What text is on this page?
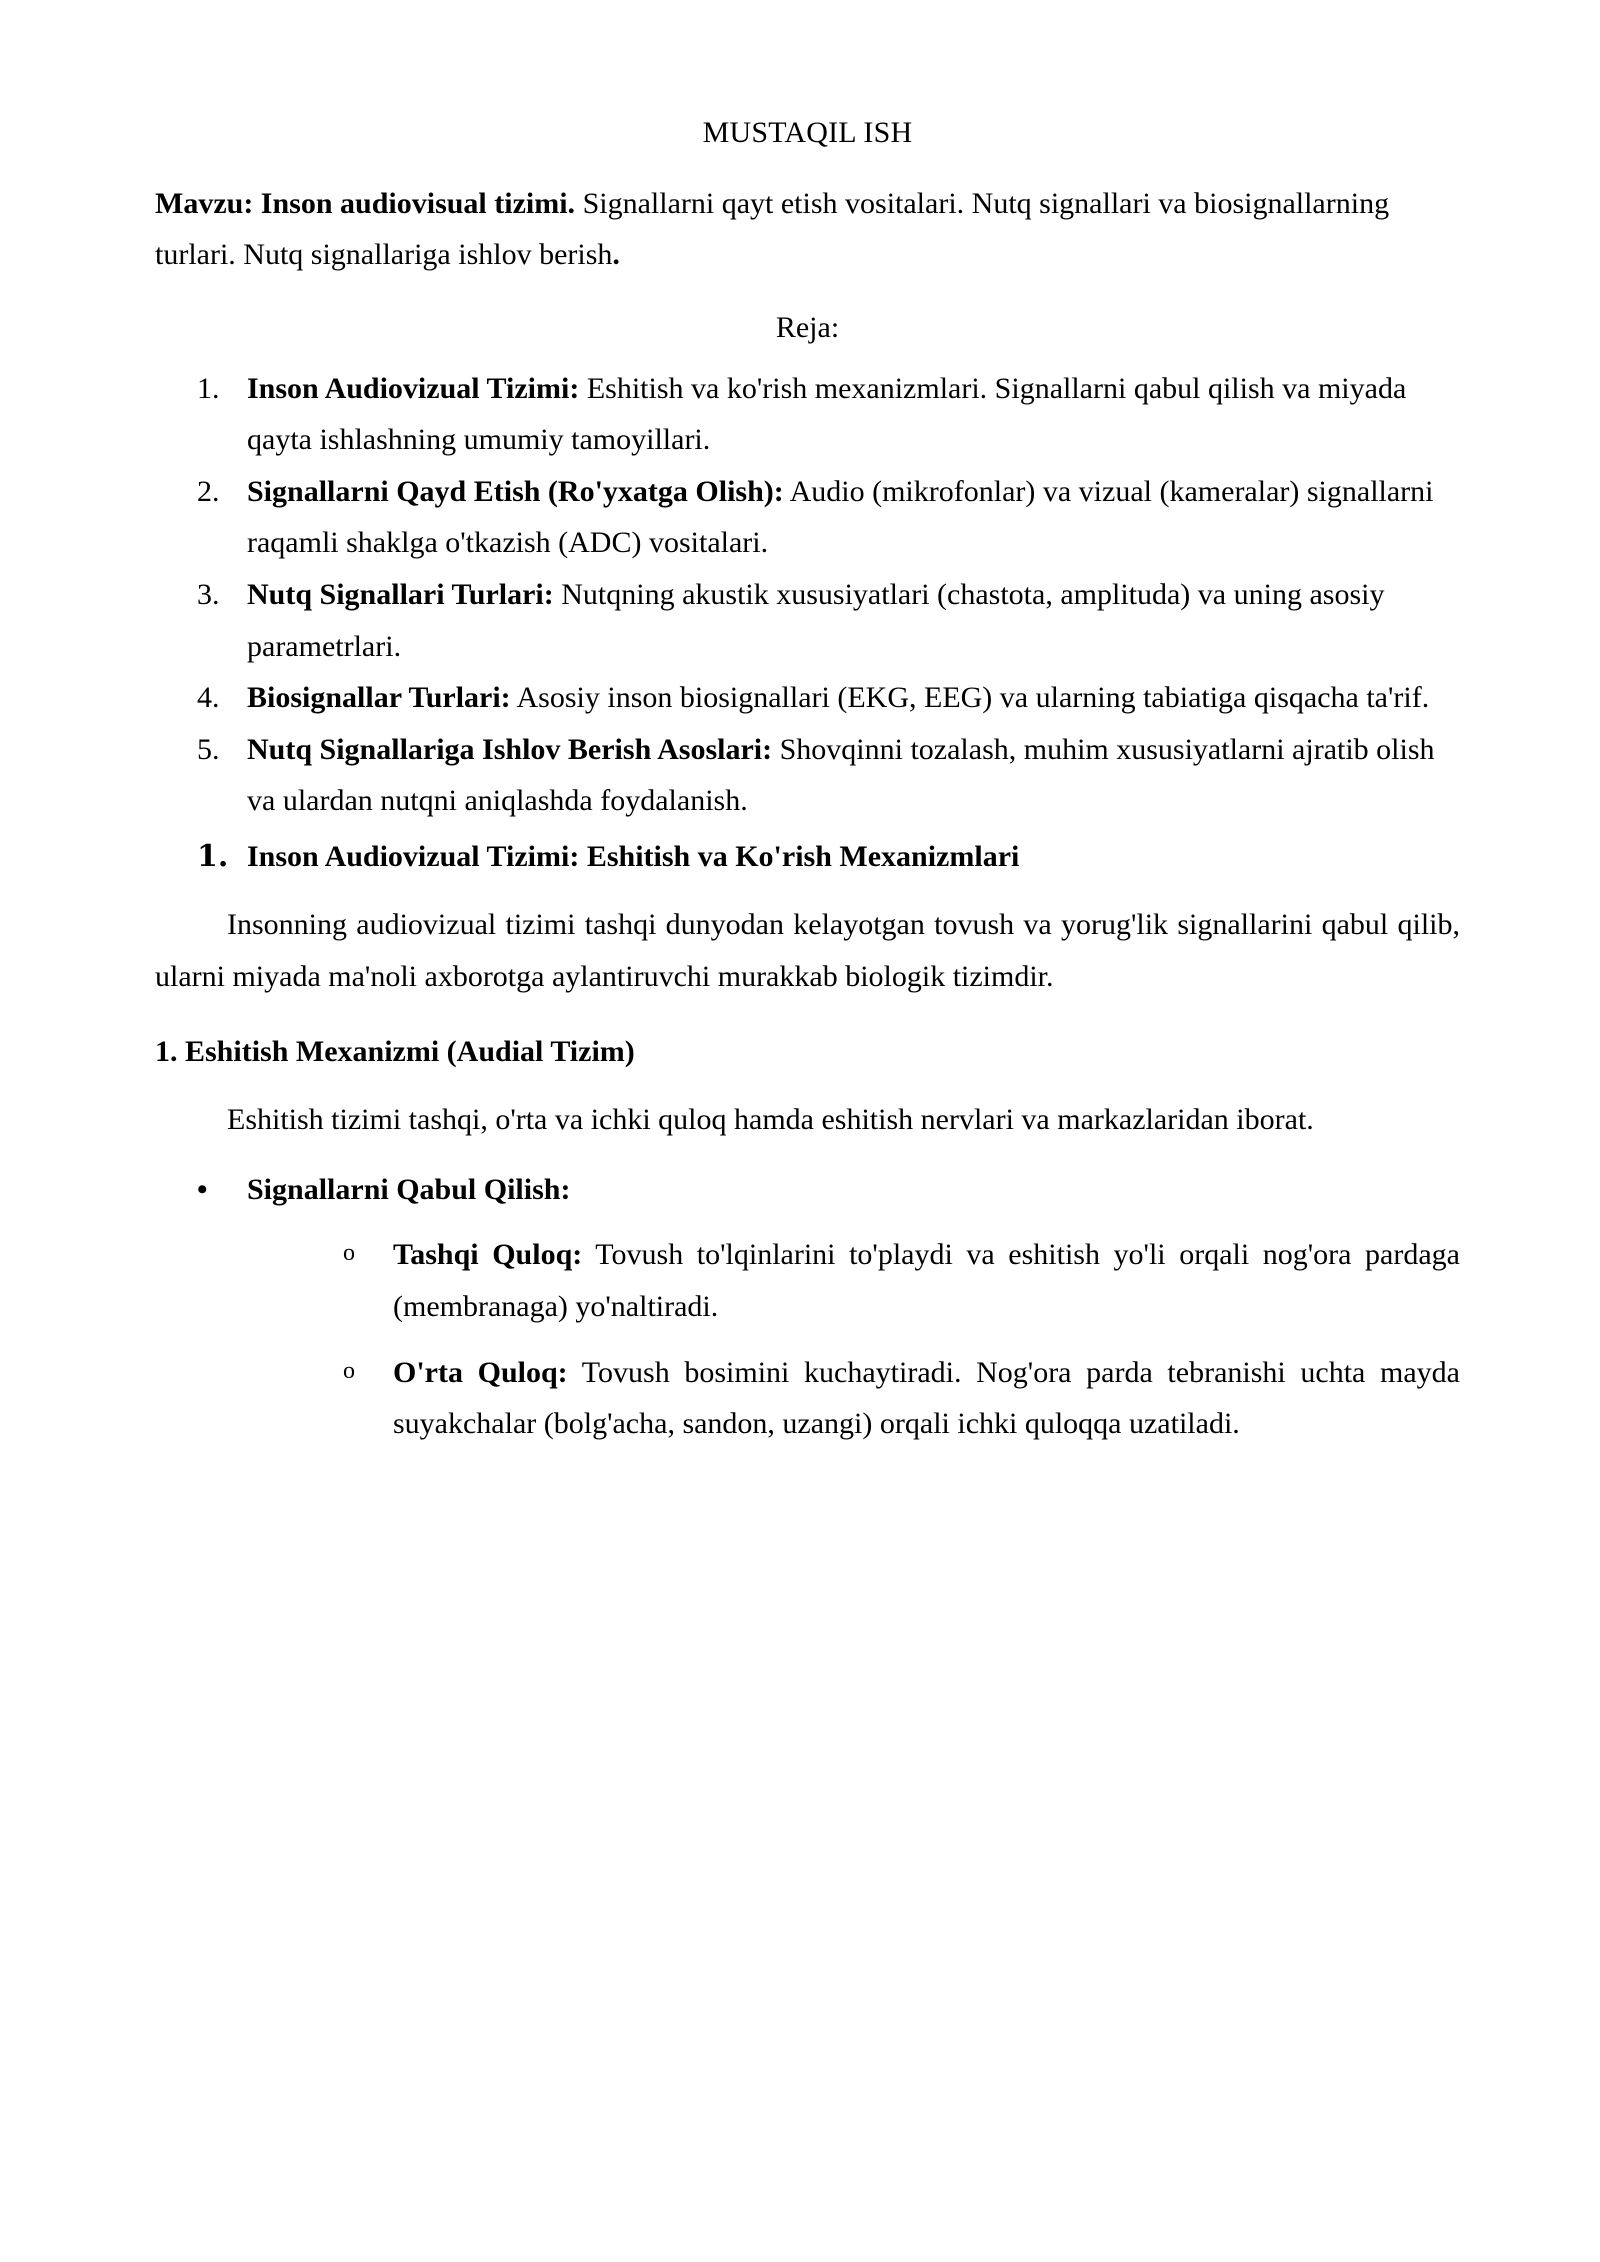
MUSTAQIL ISH
Mavzu: Inson audiovisual tizimi. Signallarni qayt etish vositalari. Nutq signallari va biosignallarning turlari. Nutq signallariga ishlov berish.
Reja:
Inson Audiovizual Tizimi: Eshitish va ko'rish mexanizmlari. Signallarni qabul qilish va miyada qayta ishlashning umumiy tamoyillari.
Signallarni Qayd Etish (Ro'yxatga Olish): Audio (mikrofonlar) va vizual (kameralar) signallarni raqamli shaklga o'tkazish (ADC) vositalari.
Nutq Signallari Turlari: Nutqning akustik xususiyatlari (chastota, amplituda) va uning asosiy parametrlari.
Biosignallar Turlari: Asosiy inson biosignallari (EKG, EEG) va ularning tabiatiga qisqacha ta'rif.
Nutq Signallariga Ishlov Berish Asoslari: Shovqinni tozalash, muhim xususiyatlarni ajratib olish va ulardan nutqni aniqlashda foydalanish.
1. Inson Audiovizual Tizimi: Eshitish va Ko'rish Mexanizmlari

Insonning audiovizual tizimi tashqi dunyodan kelayotgan tovush va yorug'lik signallarini qabul qilib, ularni miyada ma'noli axborotga aylantiruvchi murakkab biologik tizimdir.

1. Eshitish Mexanizmi (Audial Tizim)

Eshitish tizimi tashqi, o'rta va ichki quloq hamda eshitish nervlari va markazlaridan iborat.

• Signallarni Qabul Qilish:
o Tashqi Quloq: Tovush to'lqinlarini to'playdi va eshitish yo'li orqali nog'ora pardaga (membranaga) yo'naltiradi.
o O'rta Quloq: Tovush bosimini kuchaytiradi. Nog'ora parda tebranishi uchta mayda suyakchalar (bolg'acha, sandon, uzangi) orqali ichki quloqqa uzatiladi.
